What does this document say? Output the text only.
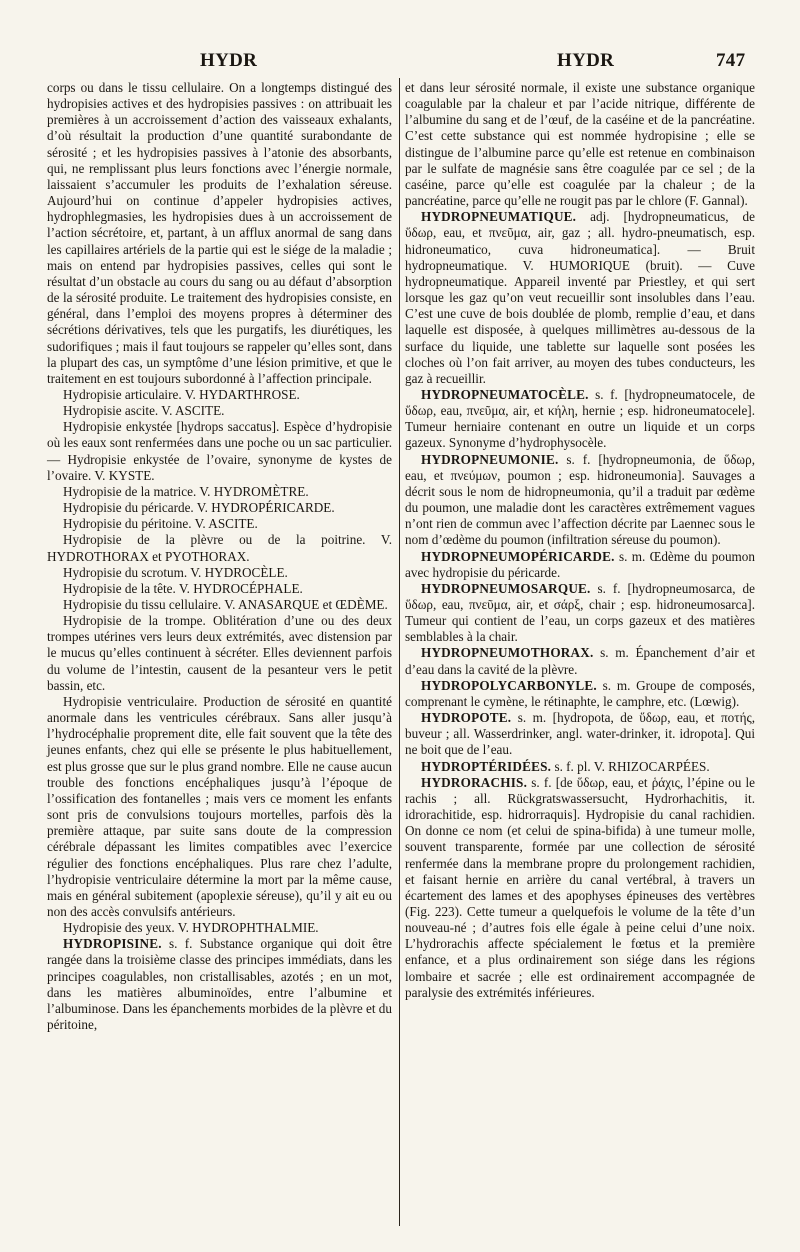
HYDR	HYDR	747

corps ou dans le tissu cellulaire. On a longtemps distingué des hydropisies actives et des hydropisies passives : on attribuait les premières à un accroissement d’action des vaisseaux exhalants, d’où résultait la production d’une quantité surabondante de sérosité ; et les hydropisies passives à l’atonie des absorbants, qui, ne remplissant plus leurs fonctions avec l’énergie normale, laissaient s’accumuler les produits de l’exhalation séreuse. Aujourd’hui on continue d’appeler hydropisies actives, hydrophlegmasies, les hydropisies dues à un accroissement de l’action sécrétoire, et, partant, à un afflux anormal de sang dans les capillaires artériels de la partie qui est le siége de la maladie ; mais on entend par hydropisies passives, celles qui sont le résultat d’un obstacle au cours du sang ou au défaut d’absorption de la sérosité produite. Le traitement des hydropisies consiste, en général, dans l’emploi des moyens propres à déterminer des sécrétions dérivatives, tels que les purgatifs, les diurétiques, les sudorifiques ; mais il faut toujours se rappeler qu’elles sont, dans la plupart des cas, un symptôme d’une lésion primitive, et que le traitement en est toujours subordonné à l’affection principale.

Hydropisie articulaire. V. HYDARTHROSE.

Hydropisie ascite. V. ASCITE.

Hydropisie enkystée [hydrops saccatus]. Espèce d’hydropisie où les eaux sont renfermées dans une poche ou un sac particulier. — Hydropisie enkystée de l’ovaire, synonyme de kystes de l’ovaire. V. KYSTE.

Hydropisie de la matrice. V. HYDROMÈTRE.

Hydropisie du péricarde. V. HYDROPÉRICARDE.

Hydropisie du péritoine. V. ASCITE.

Hydropisie de la plèvre ou de la poitrine. V. HYDROTHORAX et PYOTHORAX.

Hydropisie du scrotum. V. HYDROCÈLE.

Hydropisie de la tête. V. HYDROCÉPHALE.

Hydropisie du tissu cellulaire. V. ANASARQUE et ŒDÈME.

Hydropisie de la trompe. Oblitération d’une ou des deux trompes utérines vers leurs deux extrémités, avec distension par le mucus qu’elles continuent à sécréter. Elles deviennent parfois du volume de l’intestin, causent de la pesanteur vers le petit bassin, etc.

Hydropisie ventriculaire. Production de sérosité en quantité anormale dans les ventricules cérébraux. Sans aller jusqu’à l’hydrocéphalie proprement dite, elle fait souvent que la tête des jeunes enfants, chez qui elle se présente le plus habituellement, est plus grosse que sur le plus grand nombre. Elle ne cause aucun trouble des fonctions encéphaliques jusqu’à l’époque de l’ossification des fontanelles ; mais vers ce moment les enfants sont pris de convulsions toujours mortelles, parfois dès la première attaque, par suite sans doute de la compression cérébrale dépassant les limites compatibles avec l’exercice régulier des fonctions encéphaliques. Plus rare chez l’adulte, l’hydropisie ventriculaire détermine la mort par la même cause, mais en général subitement (apoplexie séreuse), qu’il y ait eu ou non des accès convulsifs antérieurs.

Hydropisie des yeux. V. HYDROPHTHALMIE.

HYDROPISINE. s. f. Substance organique qui doit être rangée dans la troisième classe des principes immédiats, dans les principes coagulables, non cristallisables, azotés ; en un mot, dans les matières albuminoïdes, entre l’albumine et l’albuminose. Dans les épanchements morbides de la plèvre et du péritoine,

et dans leur sérosité normale, il existe une substance organique coagulable par la chaleur et par l’acide nitrique, différente de l’albumine du sang et de l’œuf, de la caséine et de la pancréatine. C’est cette substance qui est nommée hydropisine ; elle se distingue de l’albumine parce qu’elle est retenue en combinaison par le sulfate de magnésie sans être coagulée par ce sel ; de la caséine, parce qu’elle est coagulée par la chaleur ; de la pancréatine, parce qu’elle ne rougit pas par le chlore (F. Gannal).

HYDROPNEUMATIQUE. adj. [hydropneumaticus, de ὕδωρ, eau, et πνεῦμα, air, gaz ; all. hydro-pneumatisch, esp. hidroneumatico, cuva hidroneumatica]. — Bruit hydropneumatique. V. HUMORIQUE (bruit). — Cuve hydropneumatique. Appareil inventé par Priestley, et qui sert lorsque les gaz qu’on veut recueillir sont insolubles dans l’eau. C’est une cuve de bois doublée de plomb, remplie d’eau, et dans laquelle est disposée, à quelques millimètres au-dessous de la surface du liquide, une tablette sur laquelle sont posées les cloches où l’on fait arriver, au moyen des tubes conducteurs, les gaz à recueillir.

HYDROPNEUMATOCÈLE. s. f. [hydropneumatocele, de ὕδωρ, eau, πνεῦμα, air, et κήλη, hernie ; esp. hidroneumatocele]. Tumeur herniaire contenant en outre un liquide et un corps gazeux. Synonyme d’hydrophysocèle.

HYDROPNEUMONIE. s. f. [hydropneumonia, de ὕδωρ, eau, et πνεύμων, poumon ; esp. hidroneumonia]. Sauvages a décrit sous le nom de hidropneumonia, qu’il a traduit par œdème du poumon, une maladie dont les caractères extrêmement vagues n’ont rien de commun avec l’affection décrite par Laennec sous le nom d’œdème du poumon (infiltration séreuse du poumon).

HYDROPNEUMOPÉRICARDE. s. m. Œdème du poumon avec hydropisie du péricarde.

HYDROPNEUMOSARQUE. s. f. [hydropneumosarca, de ὕδωρ, eau, πνεῦμα, air, et σάρξ, chair ; esp. hidroneumosarca]. Tumeur qui contient de l’eau, un corps gazeux et des matières semblables à la chair.

HYDROPNEUMOTHORAX. s. m. Épanchement d’air et d’eau dans la cavité de la plèvre.

HYDROPOLYCARBONYLE. s. m. Groupe de composés, comprenant le cymène, le rétinaphte, le camphre, etc. (Lœwig).

HYDROPOTE. s. m. [hydropota, de ὕδωρ, eau, et ποτής, buveur ; all. Wasserdrinker, angl. water-drinker, it. idropota]. Qui ne boit que de l’eau.

HYDROPTÉRIDÉES. s. f. pl. V. RHIZOCARPÉES.

HYDRORACHIS. s. f. [de ὕδωρ, eau, et ῥάχις, l’épine ou le rachis ; all. Rückgratswassersucht, Hydrorhachitis, it. idrorachitide, esp. hidrorraquis]. Hydropisie du canal rachidien. On donne ce nom (et celui de spina-bifida) à une tumeur molle, souvent transparente, formée par une collection de sérosité renfermée dans la membrane propre du prolongement rachidien, et faisant hernie en arrière du canal vertébral, à travers un écartement des lames et des apophyses épineuses des vertèbres (Fig. 223). Cette tumeur a quelquefois le volume de la tête d’un nouveau-né ; d’autres fois elle égale à peine celui d’une noix. L’hydrorachis affecte spécialement le fœtus et la première enfance, et a plus ordinairement son siége dans les régions lombaire et sacrée ; elle est ordinairement accompagnée de paralysie des extrémités inférieures.
